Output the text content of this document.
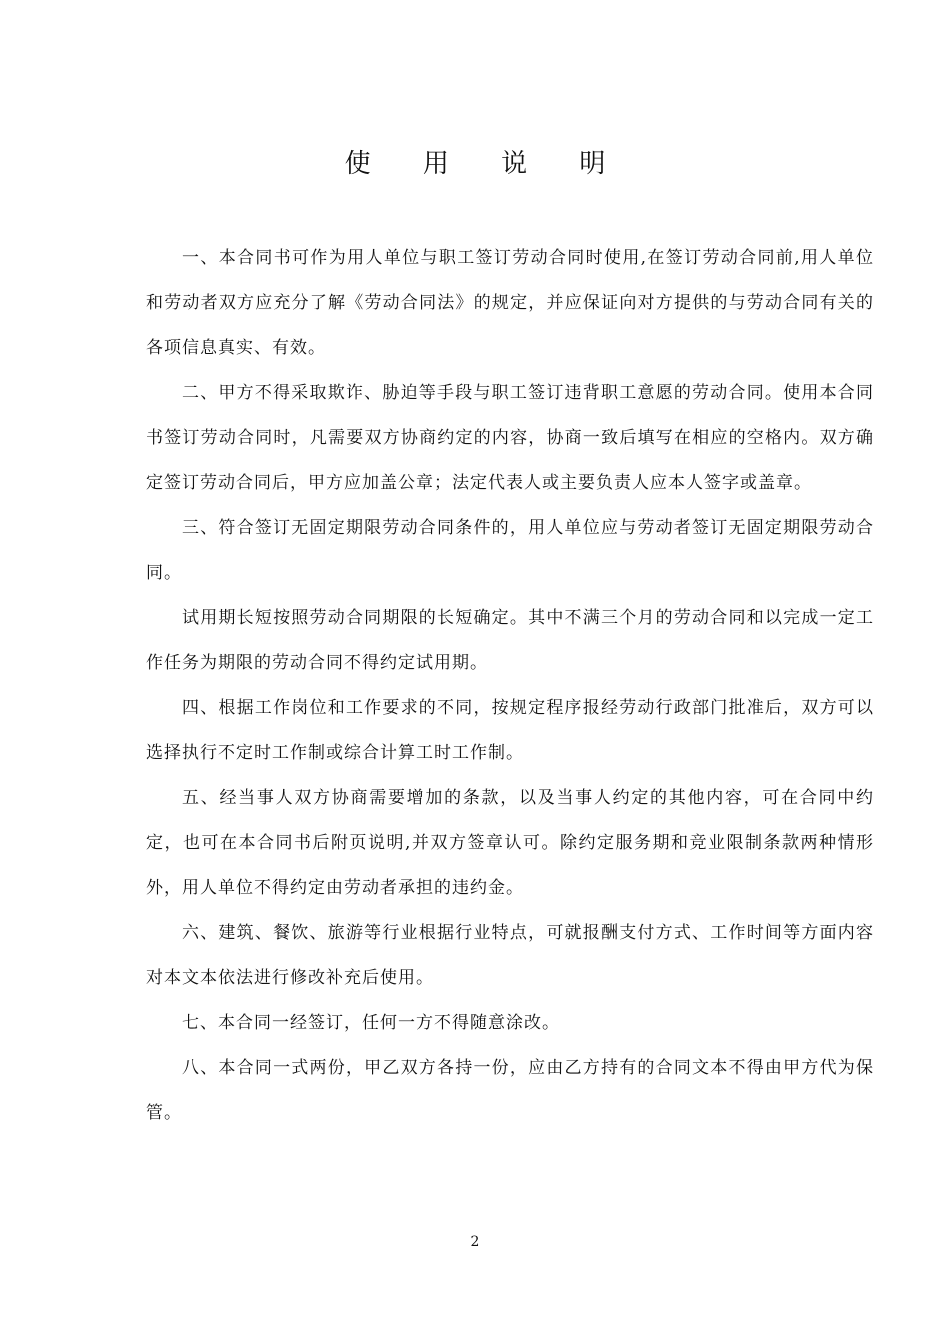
使 用 说 明

一、本合同书可作为用人单位与职工签订劳动合同时使用,在签订劳动合同前,用人单位和劳动者双方应充分了解《劳动合同法》的规定，并应保证向对方提供的与劳动合同有关的各项信息真实、有效。

二、甲方不得采取欺诈、胁迫等手段与职工签订违背职工意愿的劳动合同。使用本合同书签订劳动合同时，凡需要双方协商约定的内容，协商一致后填写在相应的空格内。双方确定签订劳动合同后，甲方应加盖公章；法定代表人或主要负责人应本人签字或盖章。

三、符合签订无固定期限劳动合同条件的，用人单位应与劳动者签订无固定期限劳动合同。

试用期长短按照劳动合同期限的长短确定。其中不满三个月的劳动合同和以完成一定工作任务为期限的劳动合同不得约定试用期。

四、根据工作岗位和工作要求的不同，按规定程序报经劳动行政部门批准后，双方可以选择执行不定时工作制或综合计算工时工作制。

五、经当事人双方协商需要增加的条款，以及当事人约定的其他内容，可在合同中约定，也可在本合同书后附页说明,并双方签章认可。除约定服务期和竞业限制条款两种情形外，用人单位不得约定由劳动者承担的违约金。

六、建筑、餐饮、旅游等行业根据行业特点，可就报酬支付方式、工作时间等方面内容对本文本依法进行修改补充后使用。

七、本合同一经签订，任何一方不得随意涂改。

八、本合同一式两份，甲乙双方各持一份，应由乙方持有的合同文本不得由甲方代为保管。

2
